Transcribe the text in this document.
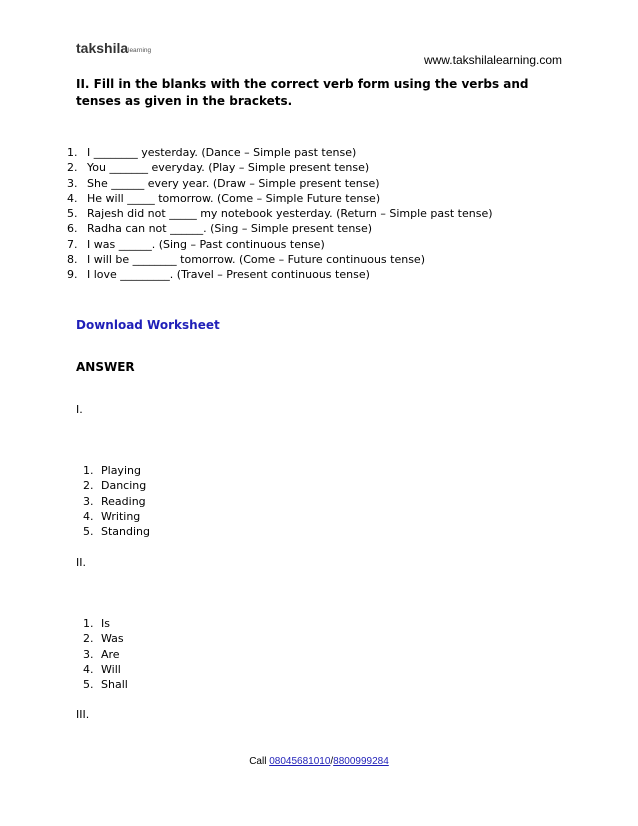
takshila learning
www.takshilalearning.com
II. Fill in the blanks with the correct verb form using the verbs and tenses as given in the brackets.
1. I ________ yesterday. (Dance – Simple past tense)
2. You _______ everyday. (Play – Simple present tense)
3. She ______ every year. (Draw – Simple present tense)
4. He will _____ tomorrow. (Come – Simple Future tense)
5. Rajesh did not _____ my notebook yesterday. (Return – Simple past tense)
6. Radha can not ______. (Sing – Simple present tense)
7. I was ______. (Sing – Past continuous tense)
8. I will be ________ tomorrow. (Come – Future continuous tense)
9. I love _________. (Travel – Present continuous tense)
Download Worksheet
ANSWER
I.
1. Playing
2. Dancing
3. Reading
4. Writing
5. Standing
II.
1. Is
2. Was
3. Are
4. Will
5. Shall
III.
Call 08045681010/8800999284
